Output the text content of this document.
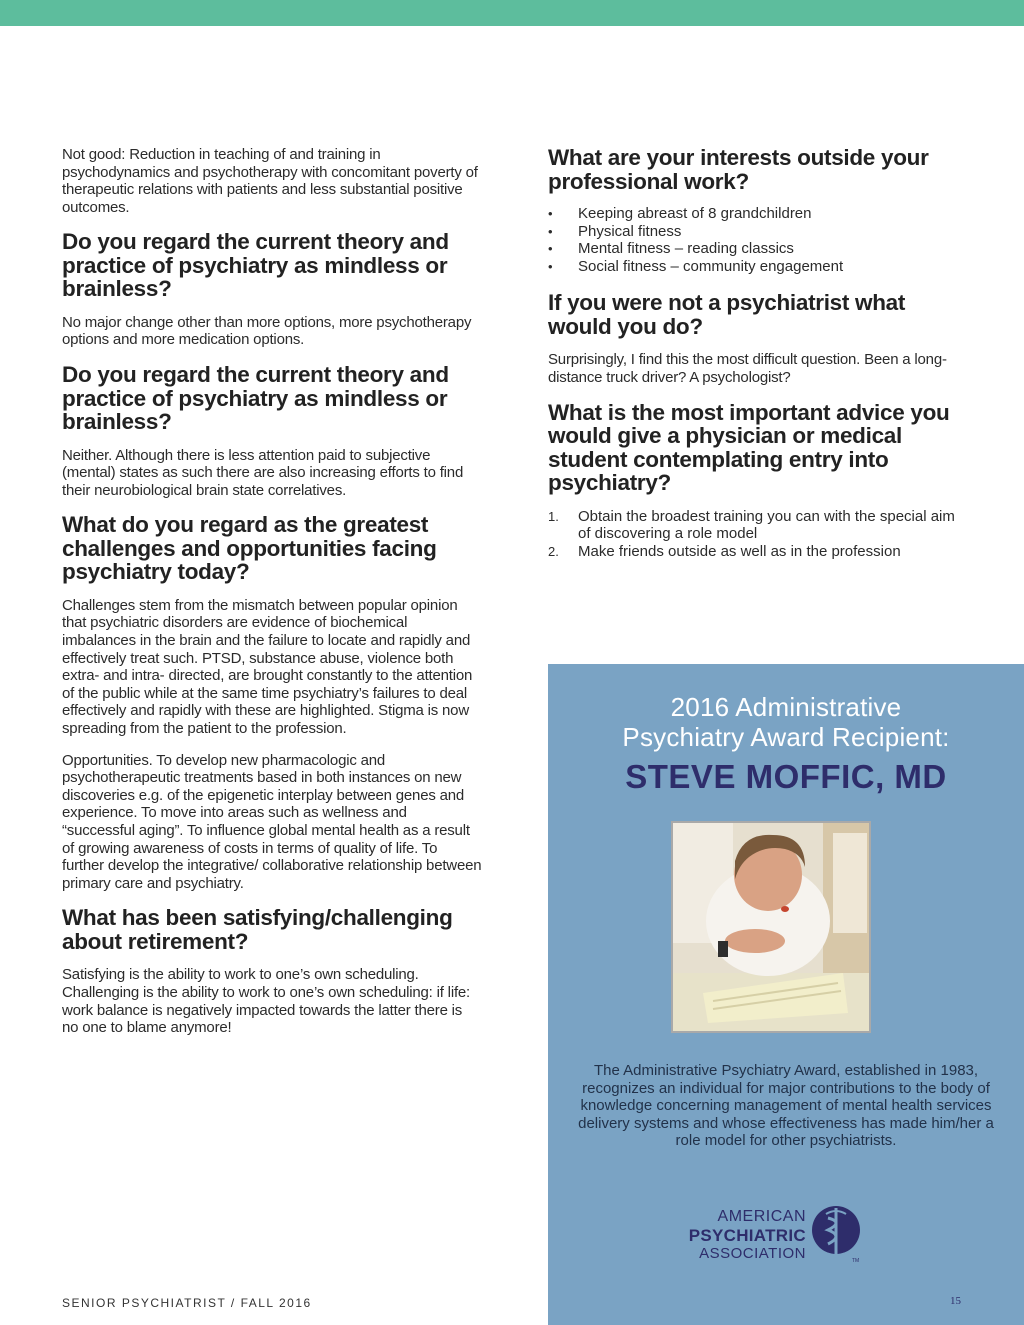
Not good: Reduction in teaching of and training in psychodynamics and psychotherapy with concomitant poverty of therapeutic relations with patients and less substantial positive outcomes.

Do you regard the current theory and practice of psychiatry as mindless or brainless?

No major change other than more options, more psychotherapy options and more medication options.

Do you regard the current theory and practice of psychiatry as mindless or brainless?

Neither. Although there is less attention paid to subjective (mental) states as such there are also increasing efforts to find their neurobiological brain state correlatives.

What do you regard as the greatest challenges and opportunities facing psychiatry today?

Challenges stem from the mismatch between popular opinion that psychiatric disorders are evidence of biochemical imbalances in the brain and the failure to locate and rapidly and effectively treat such. PTSD, substance abuse, violence both extra- and intra- directed, are brought constantly to the attention of the public while at the same time psychiatry’s failures to deal effectively and rapidly with these are highlighted. Stigma is now spreading from the patient to the profession.

Opportunities. To develop new pharmacologic and psychotherapeutic treatments based in both instances on new discoveries e.g. of the epigenetic interplay between genes and experience. To move into areas such as wellness and “successful aging”. To influence global mental health as a result of growing awareness of costs in terms of quality of life. To further develop the integrative/ collaborative relationship between primary care and psychiatry.

What has been satisfying/challenging about retirement?

Satisfying is the ability to work to one’s own scheduling. Challenging is the ability to work to one’s own scheduling: if life: work balance is negatively impacted towards the latter there is no one to blame anymore!

What are your interests outside your professional work?
• Keeping abreast of 8 grandchildren
• Physical fitness
• Mental fitness – reading classics
• Social fitness – community engagement
If you were not a psychiatrist what would you do?

Surprisingly, I find this the most difficult question. Been a long-distance truck driver? A psychologist?

What is the most important advice you would give a physician or medical student contemplating entry into psychiatry?
1. Obtain the broadest training you can with the special aim of discovering a role model
2. Make friends outside as well as in the profession
2016 Administrative
Psychiatry Award Recipient:
STEVE MOFFIC, MD
The Administrative Psychiatry Award, established in 1983, recognizes an individual for major contributions to the body of knowledge concerning management of mental health services delivery systems and whose effectiveness has made him/her a role model for other psychiatrists.
AMERICAN
PSYCHIATRIC
ASSOCIATION	TM
SENIOR PSYCHIATRIST / FALL 2016	15
